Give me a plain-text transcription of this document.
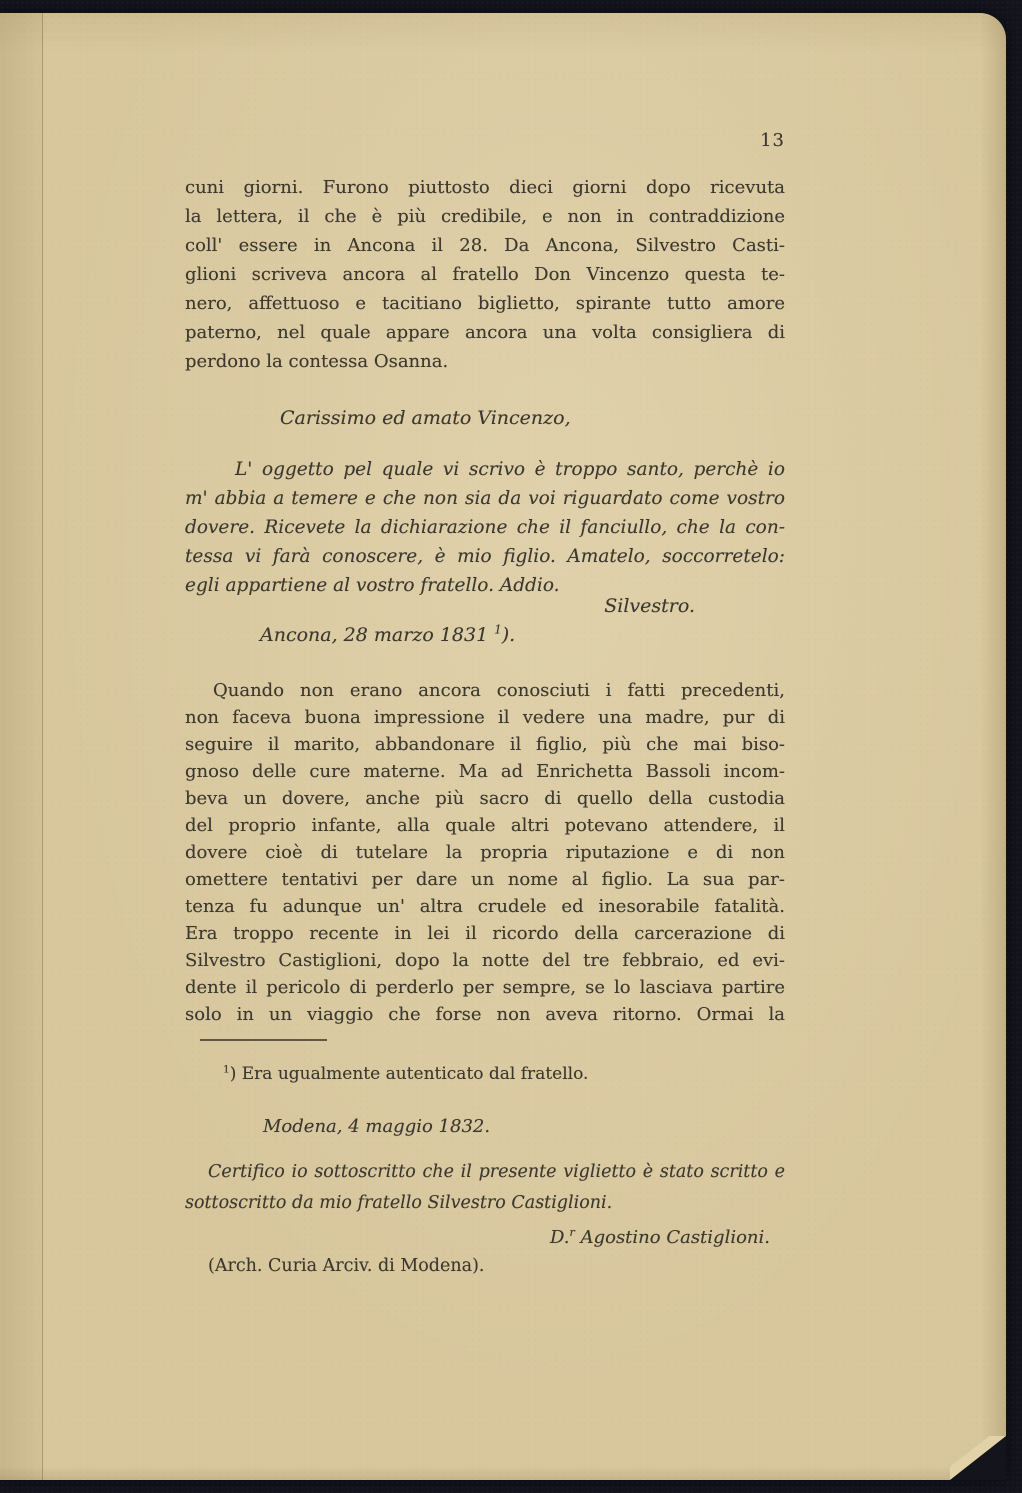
13
cuni giorni. Furono piuttosto dieci giorni dopo ricevuta
la lettera, il che è più credibile, e non in contraddizione
coll' essere in Ancona il 28. Da Ancona, Silvestro Casti-
glioni scriveva ancora al fratello Don Vincenzo questa te-
nero, affettuoso e tacitiano biglietto, spirante tutto amore
paterno, nel quale appare ancora una volta consigliera di
perdono la contessa Osanna.
Carissimo ed amato Vincenzo,
L' oggetto pel quale vi scrivo è troppo santo, perchè io
m' abbia a temere e che non sia da voi riguardato come vostro
dovere. Ricevete la dichiarazione che il fanciullo, che la con-
tessa vi farà conoscere, è mio figlio. Amatelo, soccorretelo:
egli appartiene al vostro fratello. Addio.
Silvestro.
Ancona, 28 marzo 1831 $^1$).
Quando non erano ancora conosciuti i fatti precedenti,
non faceva buona impressione il vedere una madre, pur di
seguire il marito, abbandonare il figlio, più che mai biso-
gnoso delle cure materne. Ma ad Enrichetta Bassoli incom-
beva un dovere, anche più sacro di quello della custodia
del proprio infante, alla quale altri potevano attendere, il
dovere cioè di tutelare la propria riputazione e di non
omettere tentativi per dare un nome al figlio. La sua par-
tenza fu adunque un' altra crudele ed inesorabile fatalità.
Era troppo recente in lei il ricordo della carcerazione di
Silvestro Castiglioni, dopo la notte del tre febbraio, ed evi-
dente il pericolo di perderlo per sempre, se lo lasciava partire
solo in un viaggio che forse non aveva ritorno. Ormai la
$^1$) Era ugualmente autenticato dal fratello.
Modena, 4 maggio 1832.
Certifico io sottoscritto che il presente viglietto è stato scritto e
sottoscritto da mio fratello Silvestro Castiglioni.
D.$^r$ Agostino Castiglioni.
(Arch. Curia Arciv. di Modena).
